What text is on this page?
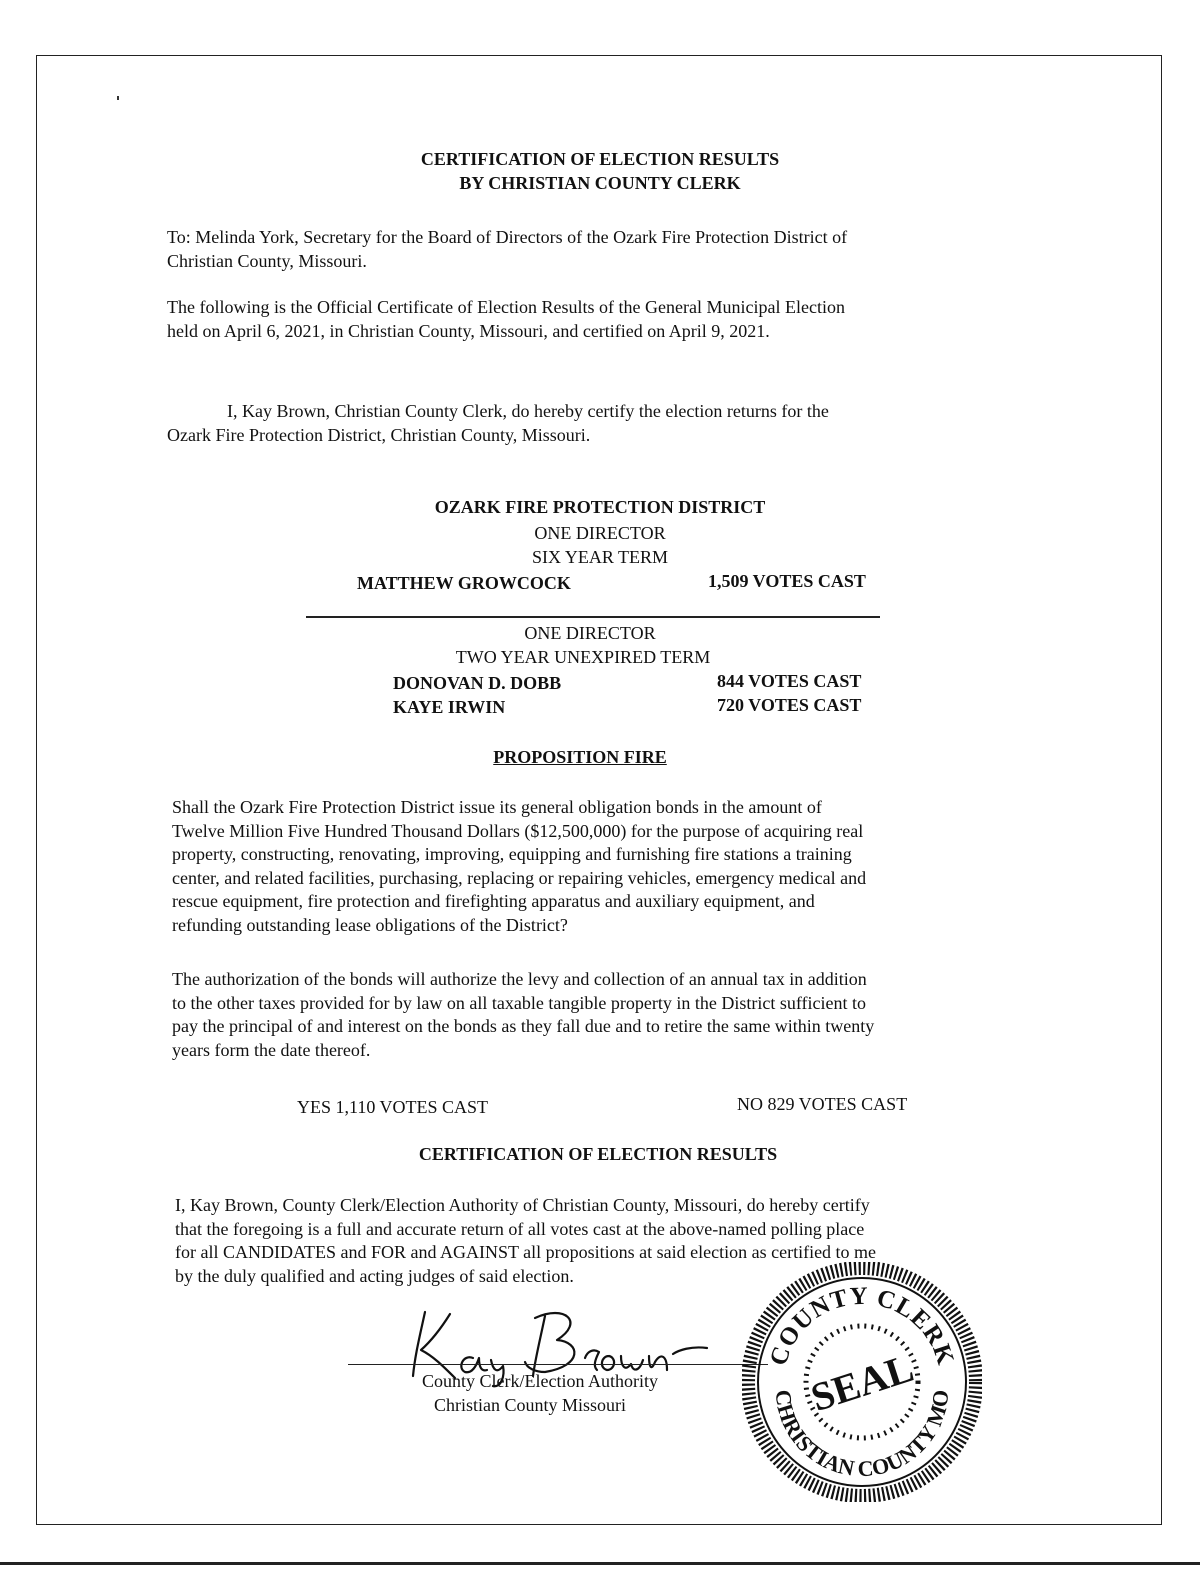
CERTIFICATION OF ELECTION RESULTS
BY CHRISTIAN COUNTY CLERK
To: Melinda York, Secretary for the Board of Directors of the Ozark Fire Protection District of
Christian County, Missouri.
The following is the Official Certificate of Election Results of the General Municipal Election
held on April 6, 2021, in Christian County, Missouri, and certified on April 9, 2021.
I, Kay Brown, Christian County Clerk, do hereby certify the election returns for the
Ozark Fire Protection District, Christian County, Missouri.
OZARK FIRE PROTECTION DISTRICT
ONE DIRECTOR
SIX YEAR TERM
MATTHEW GROWCOCK	1,509 VOTES CAST
ONE DIRECTOR
TWO YEAR UNEXPIRED TERM
DONOVAN D. DOBB	844 VOTES CAST
KAYE IRWIN	720 VOTES CAST
PROPOSITION FIRE
Shall the Ozark Fire Protection District issue its general obligation bonds in the amount of
Twelve Million Five Hundred Thousand Dollars ($12,500,000) for the purpose of acquiring real
property, constructing, renovating, improving, equipping and furnishing fire stations a training
center, and related facilities, purchasing, replacing or repairing vehicles, emergency medical and
rescue equipment, fire protection and firefighting apparatus and auxiliary equipment, and
refunding outstanding lease obligations of the District?
The authorization of the bonds will authorize the levy and collection of an annual tax in addition
to the other taxes provided for by law on all taxable tangible property in the District sufficient to
pay the principal of and interest on the bonds as they fall due and to retire the same within twenty
years form the date thereof.
YES 1,110 VOTES CAST	NO 829 VOTES CAST
CERTIFICATION OF ELECTION RESULTS
I, Kay Brown, County Clerk/Election Authority of Christian County, Missouri, do hereby certify
that the foregoing is a full and accurate return of all votes cast at the above-named polling place
for all CANDIDATES and FOR and AGAINST all propositions at said election as certified to me
by the duly qualified and acting judges of said election.
County Clerk/Election Authority
Christian County Missouri
COUNTY CLERK
CHRISTIAN COUNTY MO
SEAL
